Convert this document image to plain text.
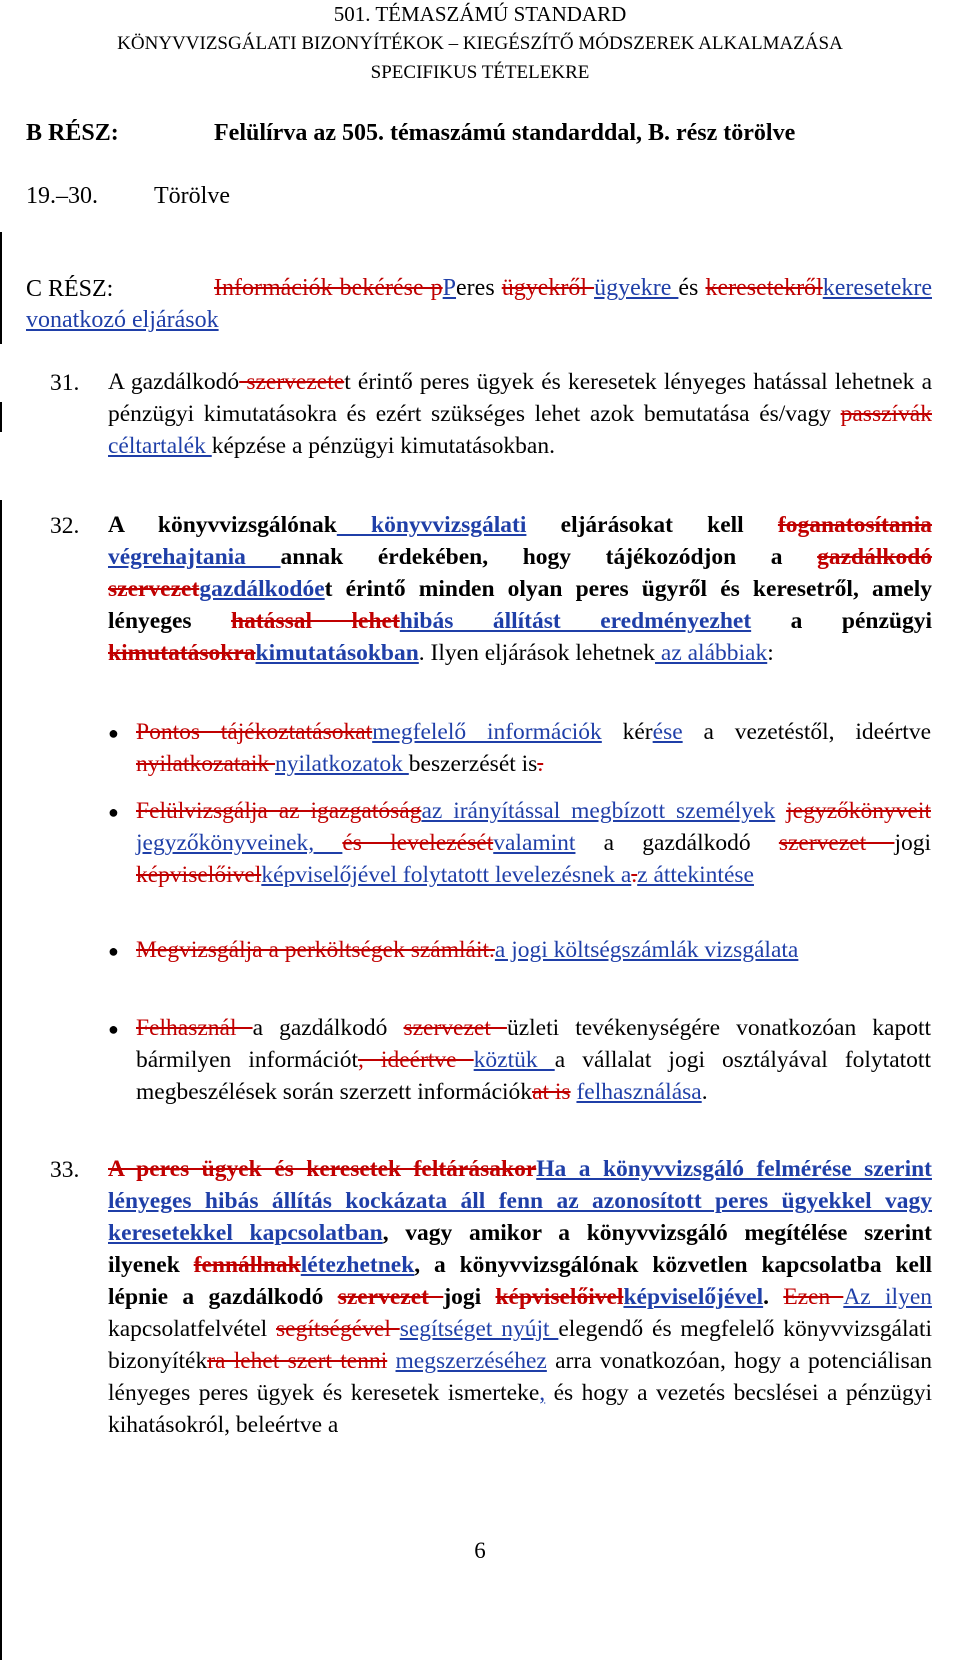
501. TÉMASZÁMÚ STANDARD
KÖNYVVIZSGÁLATI BIZONYÍTÉKOK – KIEGÉSZÍTŐ MÓDSZEREK ALKALMAZÁSA
SPECIFIKUS TÉTELEKRE
B RÉSZ:	Felülírva az 505. témaszámú standarddal, B. rész törölve
19.–30. Törölve
C RÉSZ:	Információk bekérése pPeres ügyekről ügyekre és keresetekrőlkeresetekre vonatkozó eljárások
31. A gazdálkodó szervezetet érintő peres ügyek és keresetek lényeges hatással lehetnek a pénzügyi kimutatásokra és ezért szükséges lehet azok bemutatása és/vagy passzívák céltartalék képzése a pénzügyi kimutatásokban.
32. A könyvvizsgálónak könyvvizsgálati eljárásokat kell foganatosítania végrehajtania annak érdekében, hogy tájékozódjon a gazdálkodó szervezetgazdálkodóet érintő minden olyan peres ügyről és keresetről, amely lényeges hatással lehethibás állítást eredményezhet a pénzügyi kimutatásokrakimutatásokban. Ilyen eljárások lehetnek az alábbiak:
● Pontos tájékoztatásokatmegfelelő információk kérése a vezetéstől, ideértve nyilatkozataik nyilatkozatok beszerzését is.
● Felülvizsgálja az igazgatóságaz irányítással megbízott személyek jegyzőkönyveit jegyzőkönyveinek, és levelezésétvalamint a gazdálkodó szervezet jogi képviselőivelképviselőjével folytatott levelezésnek a.z áttekintése
● Megvizsgálja a perköltségek számláit.a jogi költségszámlák vizsgálata
● Felhasznál a gazdálkodó szervezet üzleti tevékenységére vonatkozóan kapott bármilyen információt, ideértve köztük a vállalat jogi osztályával folytatott megbeszélések során szerzett információkat is felhasználása.
33. A peres ügyek és keresetek feltárásakorHa a könyvvizsgáló felmérése szerint lényeges hibás állítás kockázata áll fenn az azonosított peres ügyekkel vagy keresetekkel kapcsolatban, vagy amikor a könyvvizsgáló megítélése szerint ilyenek fennállnaklétezhetnek, a könyvvizsgálónak közvetlen kapcsolatba kell lépnie a gazdálkodó szervezet jogi képviselőivelképviselőjével. Ezen Az ilyen kapcsolatfelvétel segítségével segítséget nyújt elegendő és megfelelő könyvvizsgálati bizonyítékra lehet szert tenni megszerzéséhez arra vonatkozóan, hogy a potenciálisan lényeges peres ügyek és keresetek ismerteke, és hogy a vezetés becslései a pénzügyi kihatásokról, beleértve a
6
